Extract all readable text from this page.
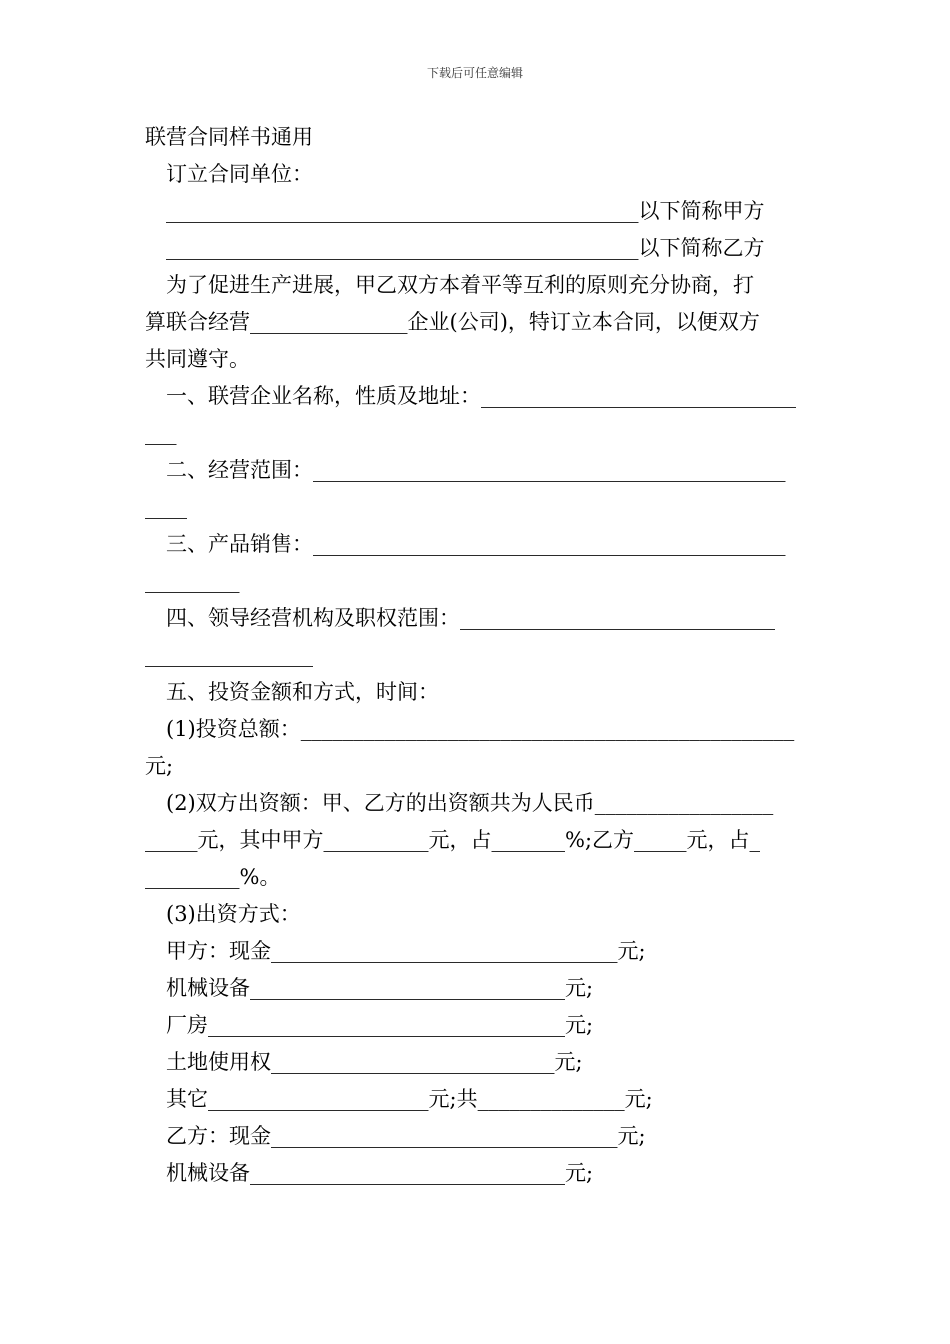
下载后可任意编辑
联营合同样书通用
订立合同单位：
_____________________________________________以下简称甲方
_____________________________________________以下简称乙方
为了促进生产进展，甲乙双方本着平等互利的原则充分协商，打
算联合经营_______________企业(公司)，特订立本合同，以便双方
共同遵守。
一、联营企业名称，性质及地址：______________________________
___
二、经营范围：_____________________________________________
____
三、产品销售：_____________________________________________
_________
四、领导经营机构及职权范围：______________________________
________________
五、投资金额和方式，时间：
(1)投资总额：_______________________________________________
元;
(2)双方出资额：甲、乙方的出资额共为人民币_________________
_____元，其中甲方__________元，占_______%;乙方_____元，占_
_________%。
(3)出资方式：
甲方：现金_________________________________元;
机械设备______________________________元;
厂房__________________________________元;
土地使用权___________________________元;
其它_____________________元;共______________元;
乙方：现金_________________________________元;
机械设备______________________________元;
